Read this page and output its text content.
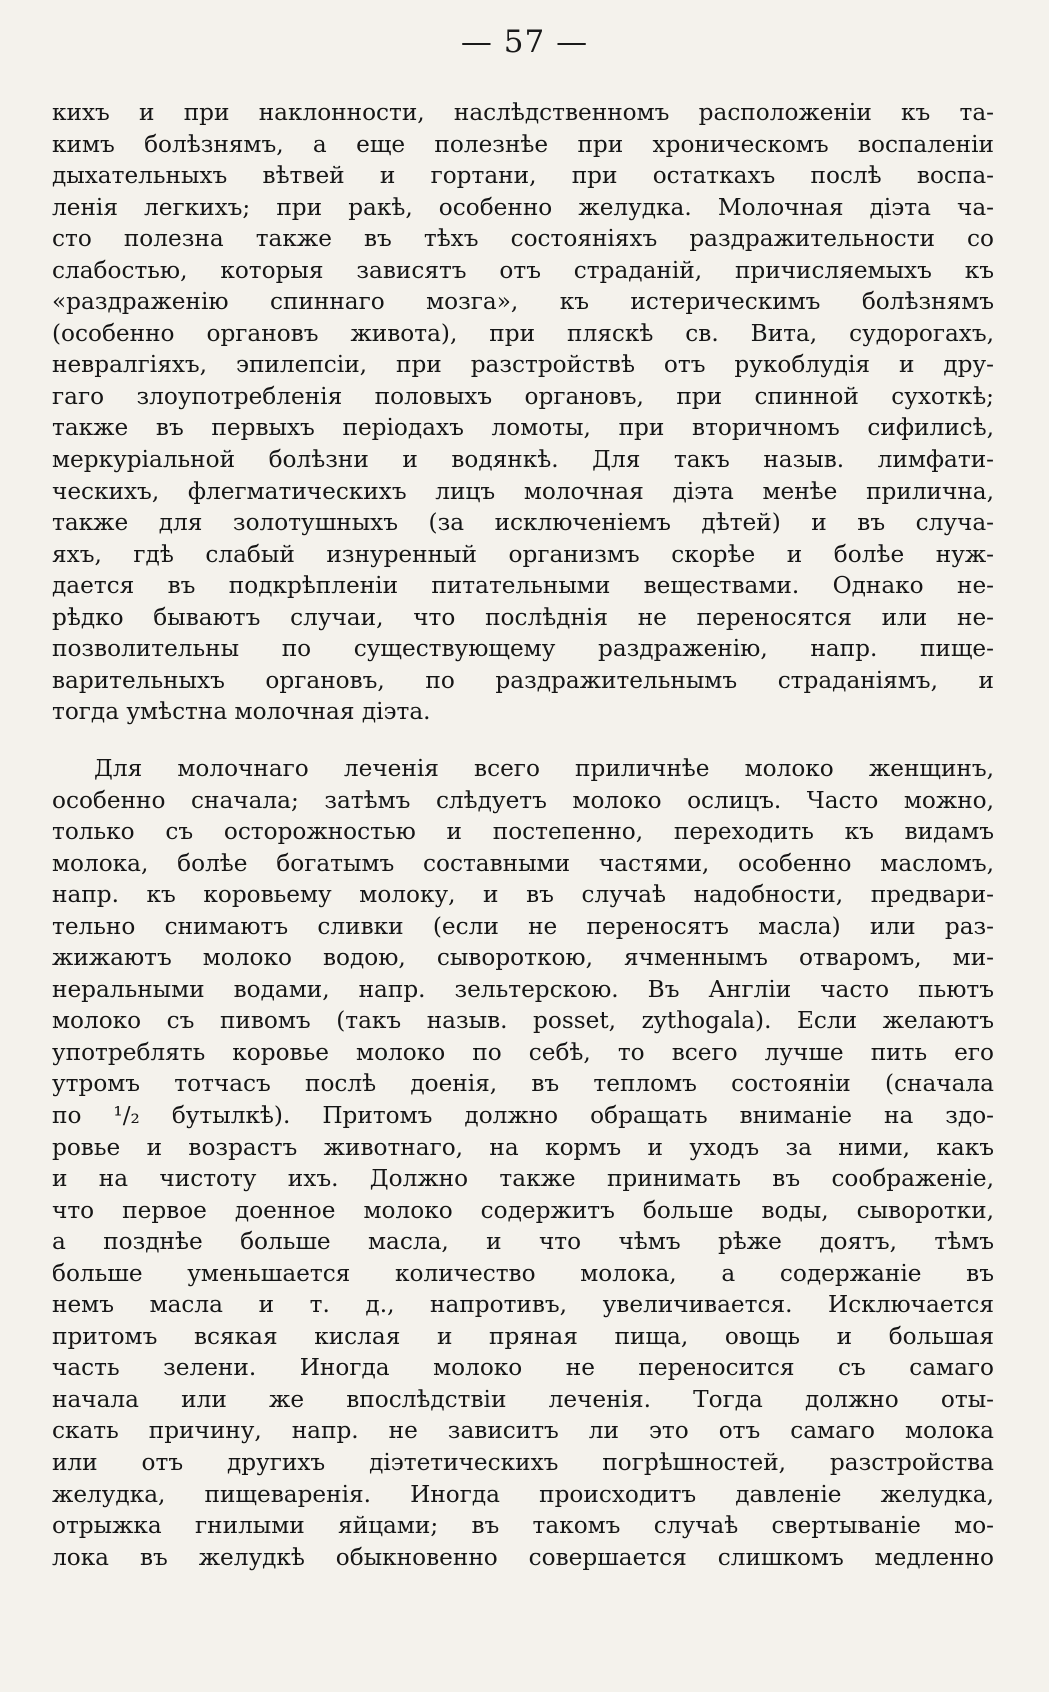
— 57 —
кихъ и при наклонности, наслѣдственномъ расположеніи къ та-
кимъ болѣзнямъ, а еще полезнѣе при хроническомъ воспаленіи
дыхательныхъ вѣтвей и гортани, при остаткахъ послѣ воспа-
ленія легкихъ; при ракѣ, особенно желудка. Молочная діэта ча-
сто полезна также въ тѣхъ состояніяхъ раздражительности со
слабостью, которыя зависятъ отъ страданій, причисляемыхъ къ
«раздраженію спиннаго мозга», къ истерическимъ болѣзнямъ
(особенно органовъ живота), при пляскѣ св. Вита, судорогахъ,
невралгіяхъ, эпилепсіи, при разстройствѣ отъ рукоблудія и дру-
гаго злоупотребленія половыхъ органовъ, при спинной сухоткѣ;
также въ первыхъ періодахъ ломоты, при вторичномъ сифилисѣ,
меркуріальной болѣзни и водянкѣ. Для такъ назыв. лимфати-
ческихъ, флегматическихъ лицъ молочная діэта менѣе прилична,
также для золотушныхъ (за исключеніемъ дѣтей) и въ случа-
яхъ, гдѣ слабый изнуренный организмъ скорѣе и болѣе нуж-
дается въ подкрѣпленіи питательными веществами. Однако не-
рѣдко бываютъ случаи, что послѣднія не переносятся или не-
позволительны по существующему раздраженію, напр. пище-
варительныхъ органовъ, по раздражительнымъ страданіямъ, и
тогда умѣстна молочная діэта.
Для молочнаго леченія всего приличнѣе молоко женщинъ,
особенно сначала; затѣмъ слѣдуетъ молоко ослицъ. Часто можно,
только съ осторожностью и постепенно, переходить къ видамъ
молока, болѣе богатымъ составными частями, особенно масломъ,
напр. къ коровьему молоку, и въ случаѣ надобности, предвари-
тельно снимаютъ сливки (если не переносятъ масла) или раз-
жижаютъ молоко водою, сывороткою, ячменнымъ отваромъ, ми-
неральными водами, напр. зельтерскою. Въ Англіи часто пьютъ
молоко съ пивомъ (такъ назыв. posset, zythogala). Если желаютъ
употреблять коровье молоко по себѣ, то всего лучше пить его
утромъ тотчасъ послѣ доенія, въ тепломъ состояніи (сначала
по ¹/₂ бутылкѣ). Притомъ должно обращать вниманіе на здо-
ровье и возрастъ животнаго, на кормъ и уходъ за ними, какъ
и на чистоту ихъ. Должно также принимать въ соображеніе,
что первое доенное молоко содержитъ больше воды, сыворотки,
а позднѣе больше масла, и что чѣмъ рѣже доятъ, тѣмъ
больше уменьшается количество молока, а содержаніе въ
немъ масла и т. д., напротивъ, увеличивается. Исключается
притомъ всякая кислая и пряная пища, овощь и большая
часть зелени. Иногда молоко не переносится съ самаго
начала или же впослѣдствіи леченія. Тогда должно оты-
скать причину, напр. не зависитъ ли это отъ самаго молока
или отъ другихъ діэтетическихъ погрѣшностей, разстройства
желудка, пищеваренія. Иногда происходитъ давленіе желудка,
отрыжка гнилыми яйцами; въ такомъ случаѣ свертываніе мо-
лока въ желудкѣ обыкновенно совершается слишкомъ медленно
